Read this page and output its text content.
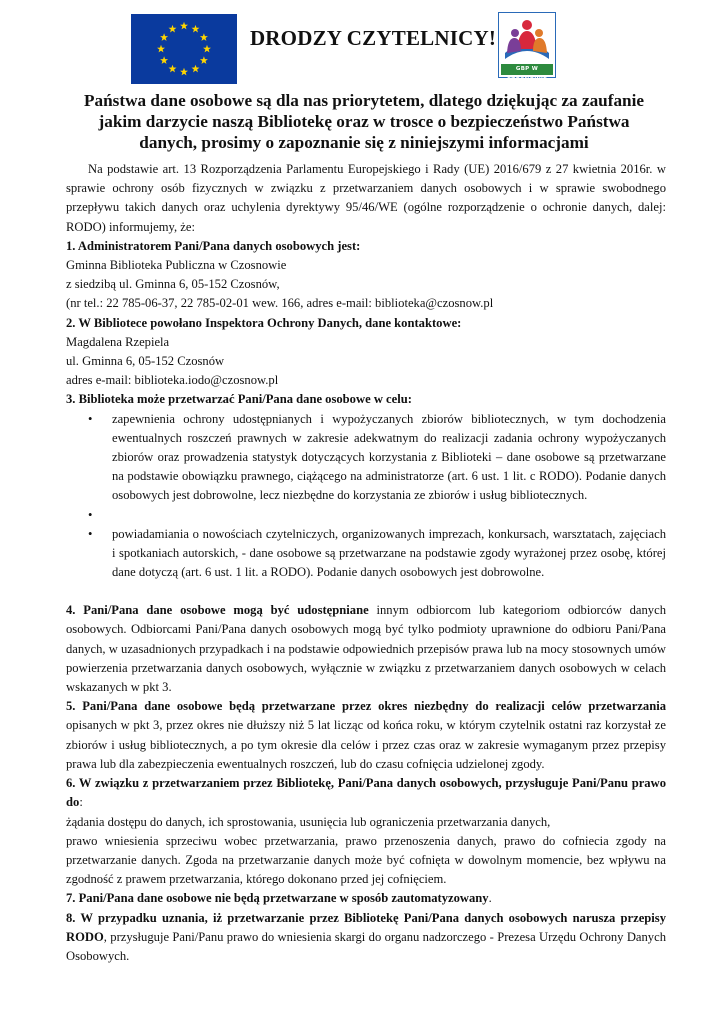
DRODZY CZYTELNICY!
GBP W CZOSNOWIE
Państwa dane osobowe są dla nas priorytetem, dlatego dziękując za zaufanie jakim darzycie naszą Bibliotekę oraz w trosce o bezpieczeństwo Państwa danych, prosimy o zapoznanie się z niniejszymi informacjami

Na podstawie art. 13 Rozporządzenia Parlamentu Europejskiego i Rady (UE) 2016/679 z 27 kwietnia 2016r. w sprawie ochrony osób fizycznych w związku z przetwarzaniem danych osobowych i w sprawie swobodnego przepływu takich danych oraz uchylenia dyrektywy 95/46/WE (ogólne rozporządzenie o ochronie danych, dalej: RODO) informujemy, że:

1. Administratorem Pani/Pana danych osobowych jest:

Gminna Biblioteka Publiczna w Czosnowie

z siedzibą ul. Gminna 6, 05-152 Czosnów,

(nr tel.: 22 785-06-37, 22 785-02-01 wew. 166, adres e-mail: biblioteka@czosnow.pl

2. W Bibliotece powołano Inspektora Ochrony Danych, dane kontaktowe:

Magdalena Rzepiela

ul. Gminna 6, 05-152 Czosnów

adres e-mail: biblioteka.iodo@czosnow.pl

3. Biblioteka może przetwarzać Pani/Pana dane osobowe w celu:

• zapewnienia ochrony udostępnianych i wypożyczanych zbiorów bibliotecznych, w tym dochodzenia ewentualnych roszczeń prawnych w zakresie adekwatnym do realizacji zadania ochrony wypożyczanych zbiorów oraz prowadzenia statystyk dotyczących korzystania z Biblioteki – dane osobowe są przetwarzane na podstawie obowiązku prawnego, ciążącego na administratorze (art. 6 ust. 1 lit. c RODO). Podanie danych osobowych jest dobrowolne, lecz niezbędne do korzystania ze zbiorów i usług bibliotecznych.
•
• powiadamiania o nowościach czytelniczych, organizowanych imprezach, konkursach, warsztatach, zajęciach i spotkaniach autorskich, - dane osobowe są przetwarzane na podstawie zgody wyrażonej przez osobę, której dane dotyczą (art. 6 ust. 1 lit. a RODO). Podanie danych osobowych jest dobrowolne.

4. Pani/Pana dane osobowe mogą być udostępniane innym odbiorcom lub kategoriom odbiorców danych osobowych. Odbiorcami Pani/Pana danych osobowych mogą być tylko podmioty uprawnione do odbioru Pani/Pana danych, w uzasadnionych przypadkach i na podstawie odpowiednich przepisów prawa lub na mocy stosownych umów powierzenia przetwarzania danych osobowych, wyłącznie w związku z przetwarzaniem danych osobowych w celach wskazanych w pkt 3.

5. Pani/Pana dane osobowe będą przetwarzane przez okres niezbędny do realizacji celów przetwarzania opisanych w pkt 3, przez okres nie dłuższy niż 5 lat licząc od końca roku, w którym czytelnik ostatni raz korzystał ze zbiorów i usług bibliotecznych, a po tym okresie dla celów i przez czas oraz w zakresie wymaganym przez przepisy prawa lub dla zabezpieczenia ewentualnych roszczeń, lub do czasu cofnięcia udzielonej zgody.

6. W związku z przetwarzaniem przez Bibliotekę, Pani/Pana danych osobowych, przysługuje Pani/Panu prawo do:

żądania dostępu do danych, ich sprostowania, usunięcia lub ograniczenia przetwarzania danych,

prawo wniesienia sprzeciwu wobec przetwarzania, prawo przenoszenia danych, prawo do cofniecia zgody na przetwarzanie danych. Zgoda na przetwarzanie danych może być cofnięta w dowolnym momencie, bez wpływu na zgodność z prawem przetwarzania, którego dokonano przed jej cofnięciem.

7. Pani/Pana dane osobowe nie będą przetwarzane w sposób zautomatyzowany.

8. W przypadku uznania, iż przetwarzanie przez Bibliotekę Pani/Pana danych osobowych narusza przepisy RODO, przysługuje Pani/Panu prawo do wniesienia skargi do organu nadzorczego - Prezesa Urzędu Ochrony Danych Osobowych.
